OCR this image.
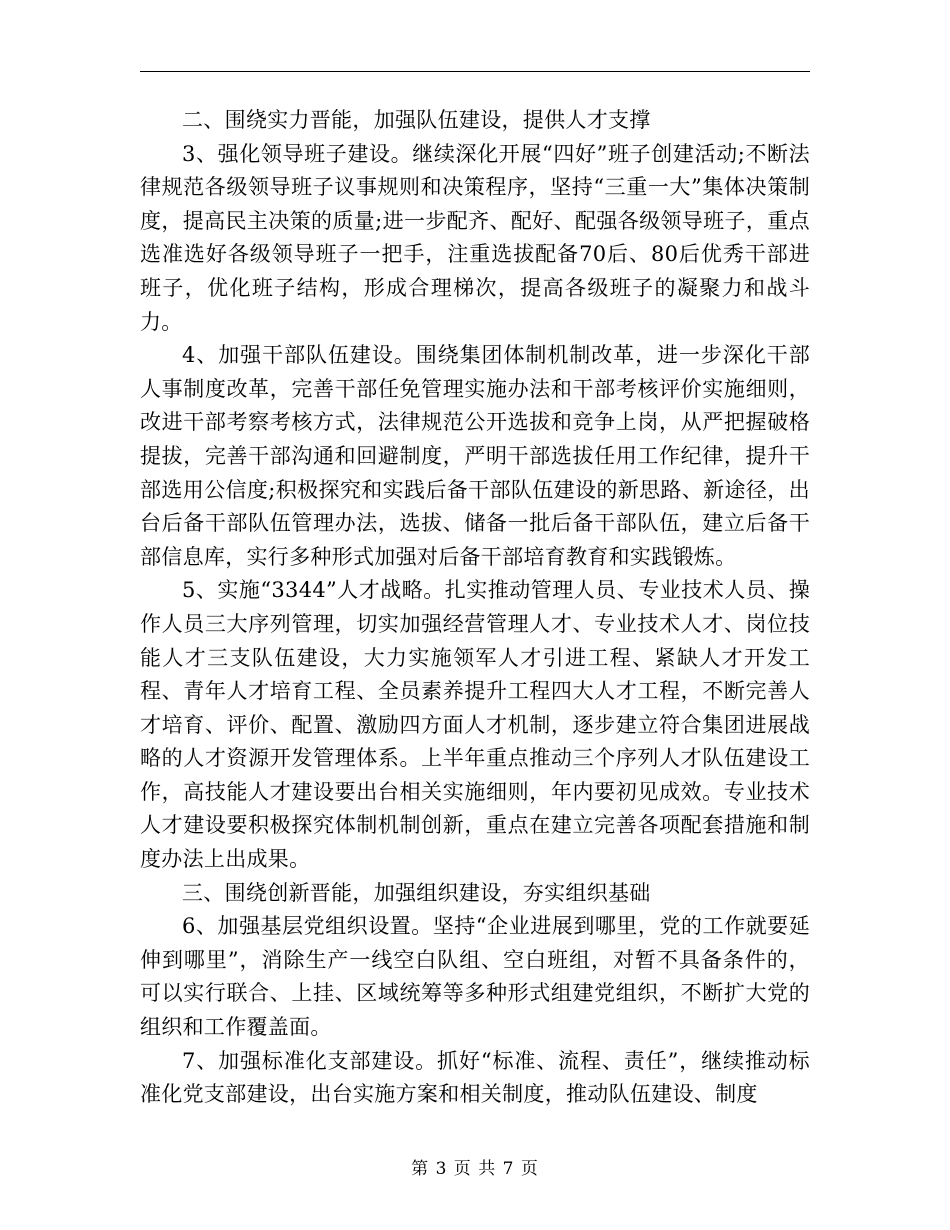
二、围绕实力晋能，加强队伍建设，提供人才支撑

3、强化领导班子建设。继续深化开展“四好”班子创建活动;不断法律规范各级领导班子议事规则和决策程序，坚持“三重一大”集体决策制度，提高民主决策的质量;进一步配齐、配好、配强各级领导班子，重点选准选好各级领导班子一把手，注重选拔配备70后、80后优秀干部进班子，优化班子结构，形成合理梯次，提高各级班子的凝聚力和战斗力。

4、加强干部队伍建设。围绕集团体制机制改革，进一步深化干部人事制度改革，完善干部任免管理实施办法和干部考核评价实施细则，改进干部考察考核方式，法律规范公开选拔和竞争上岗，从严把握破格提拔，完善干部沟通和回避制度，严明干部选拔任用工作纪律，提升干部选用公信度;积极探究和实践后备干部队伍建设的新思路、新途径，出台后备干部队伍管理办法，选拔、储备一批后备干部队伍，建立后备干部信息库，实行多种形式加强对后备干部培育教育和实践锻炼。

5、实施“3344”人才战略。扎实推动管理人员、专业技术人员、操作人员三大序列管理，切实加强经营管理人才、专业技术人才、岗位技能人才三支队伍建设，大力实施领军人才引进工程、紧缺人才开发工程、青年人才培育工程、全员素养提升工程四大人才工程，不断完善人才培育、评价、配置、激励四方面人才机制，逐步建立符合集团进展战略的人才资源开发管理体系。上半年重点推动三个序列人才队伍建设工作，高技能人才建设要出台相关实施细则，年内要初见成效。专业技术人才建设要积极探究体制机制创新，重点在建立完善各项配套措施和制度办法上出成果。

三、围绕创新晋能，加强组织建设，夯实组织基础

6、加强基层党组织设置。坚持“企业进展到哪里，党的工作就要延伸到哪里”，消除生产一线空白队组、空白班组，对暂不具备条件的，可以实行联合、上挂、区域统筹等多种形式组建党组织，不断扩大党的组织和工作覆盖面。

7、加强标准化支部建设。抓好“标准、流程、责任”，继续推动标准化党支部建设，出台实施方案和相关制度，推动队伍建设、制度

第 3 页 共 7 页
